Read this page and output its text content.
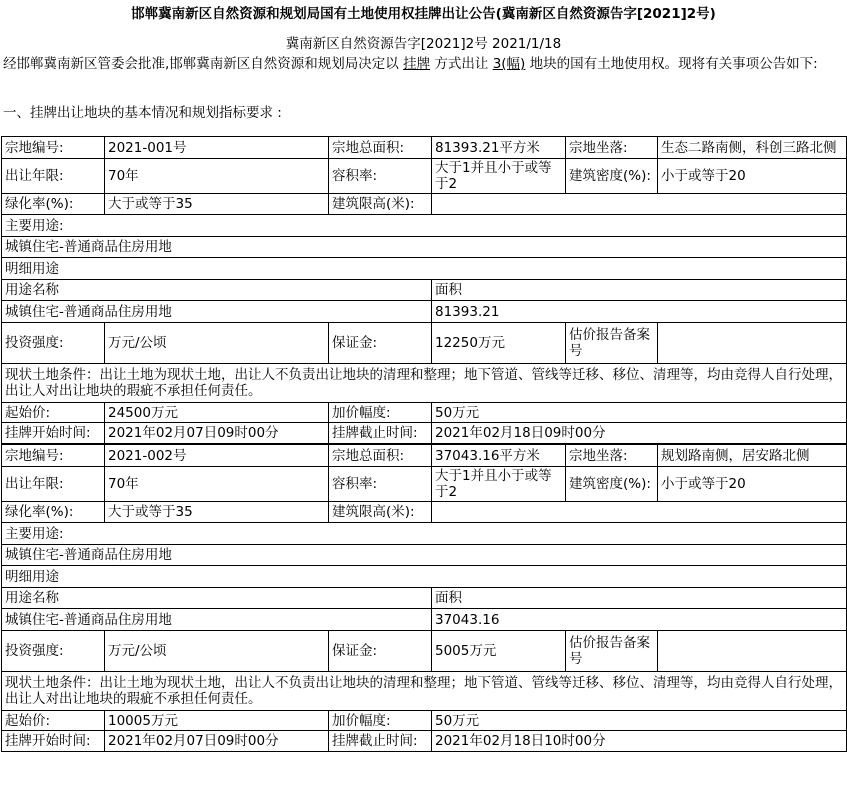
邯郸冀南新区自然资源和规划局国有土地使用权挂牌出让公告(冀南新区自然资源告字[2021]2号)
冀南新区自然资源告字[2021]2号 2021/1/18
经邯郸冀南新区管委会批准,邯郸冀南新区自然资源和规划局决定以 挂牌 方式出让 3(幅) 地块的国有土地使用权。现将有关事项公告如下:
一、挂牌出让地块的基本情况和规划指标要求 :
宗地编号:	2021-001号	宗地总面积:	81393.21平方米	宗地坐落:	生态二路南侧，科创三路北侧
出让年限:	70年	容积率:	大于1并且小于或等于2	建筑密度(%):	小于或等于20
绿化率(%):	大于或等于35	建筑限高(米):			
主要用途:					
城镇住宅-普通商品住房用地					
明细用途					
用途名称			面积		
城镇住宅-普通商品住房用地			81393.21		
投资强度:	万元/公顷	保证金:	12250万元	估价报告备案号	
现状土地条件：出让土地为现状土地，出让人不负责出让地块的清理和整理；地下管道、管线等迁移、移位、清理等，均由竞得人自行处理，出让人对出让地块的瑕疵不承担任何责任。					
起始价:	24500万元	加价幅度:	50万元		
挂牌开始时间:	2021年02月07日09时00分	挂牌截止时间:	2021年02月18日09时00分		
宗地编号:	2021-002号	宗地总面积:	37043.16平方米	宗地坐落:	规划路南侧，居安路北侧
出让年限:	70年	容积率:	大于1并且小于或等于2	建筑密度(%):	小于或等于20
绿化率(%):	大于或等于35	建筑限高(米):			
主要用途:					
城镇住宅-普通商品住房用地					
明细用途					
用途名称			面积		
城镇住宅-普通商品住房用地			37043.16		
投资强度:	万元/公顷	保证金:	5005万元	估价报告备案号	
现状土地条件：出让土地为现状土地，出让人不负责出让地块的清理和整理；地下管道、管线等迁移、移位、清理等，均由竞得人自行处理，出让人对出让地块的瑕疵不承担任何责任。					
起始价:	10005万元	加价幅度:	50万元		
挂牌开始时间:	2021年02月07日09时00分	挂牌截止时间:	2021年02月18日10时00分		
